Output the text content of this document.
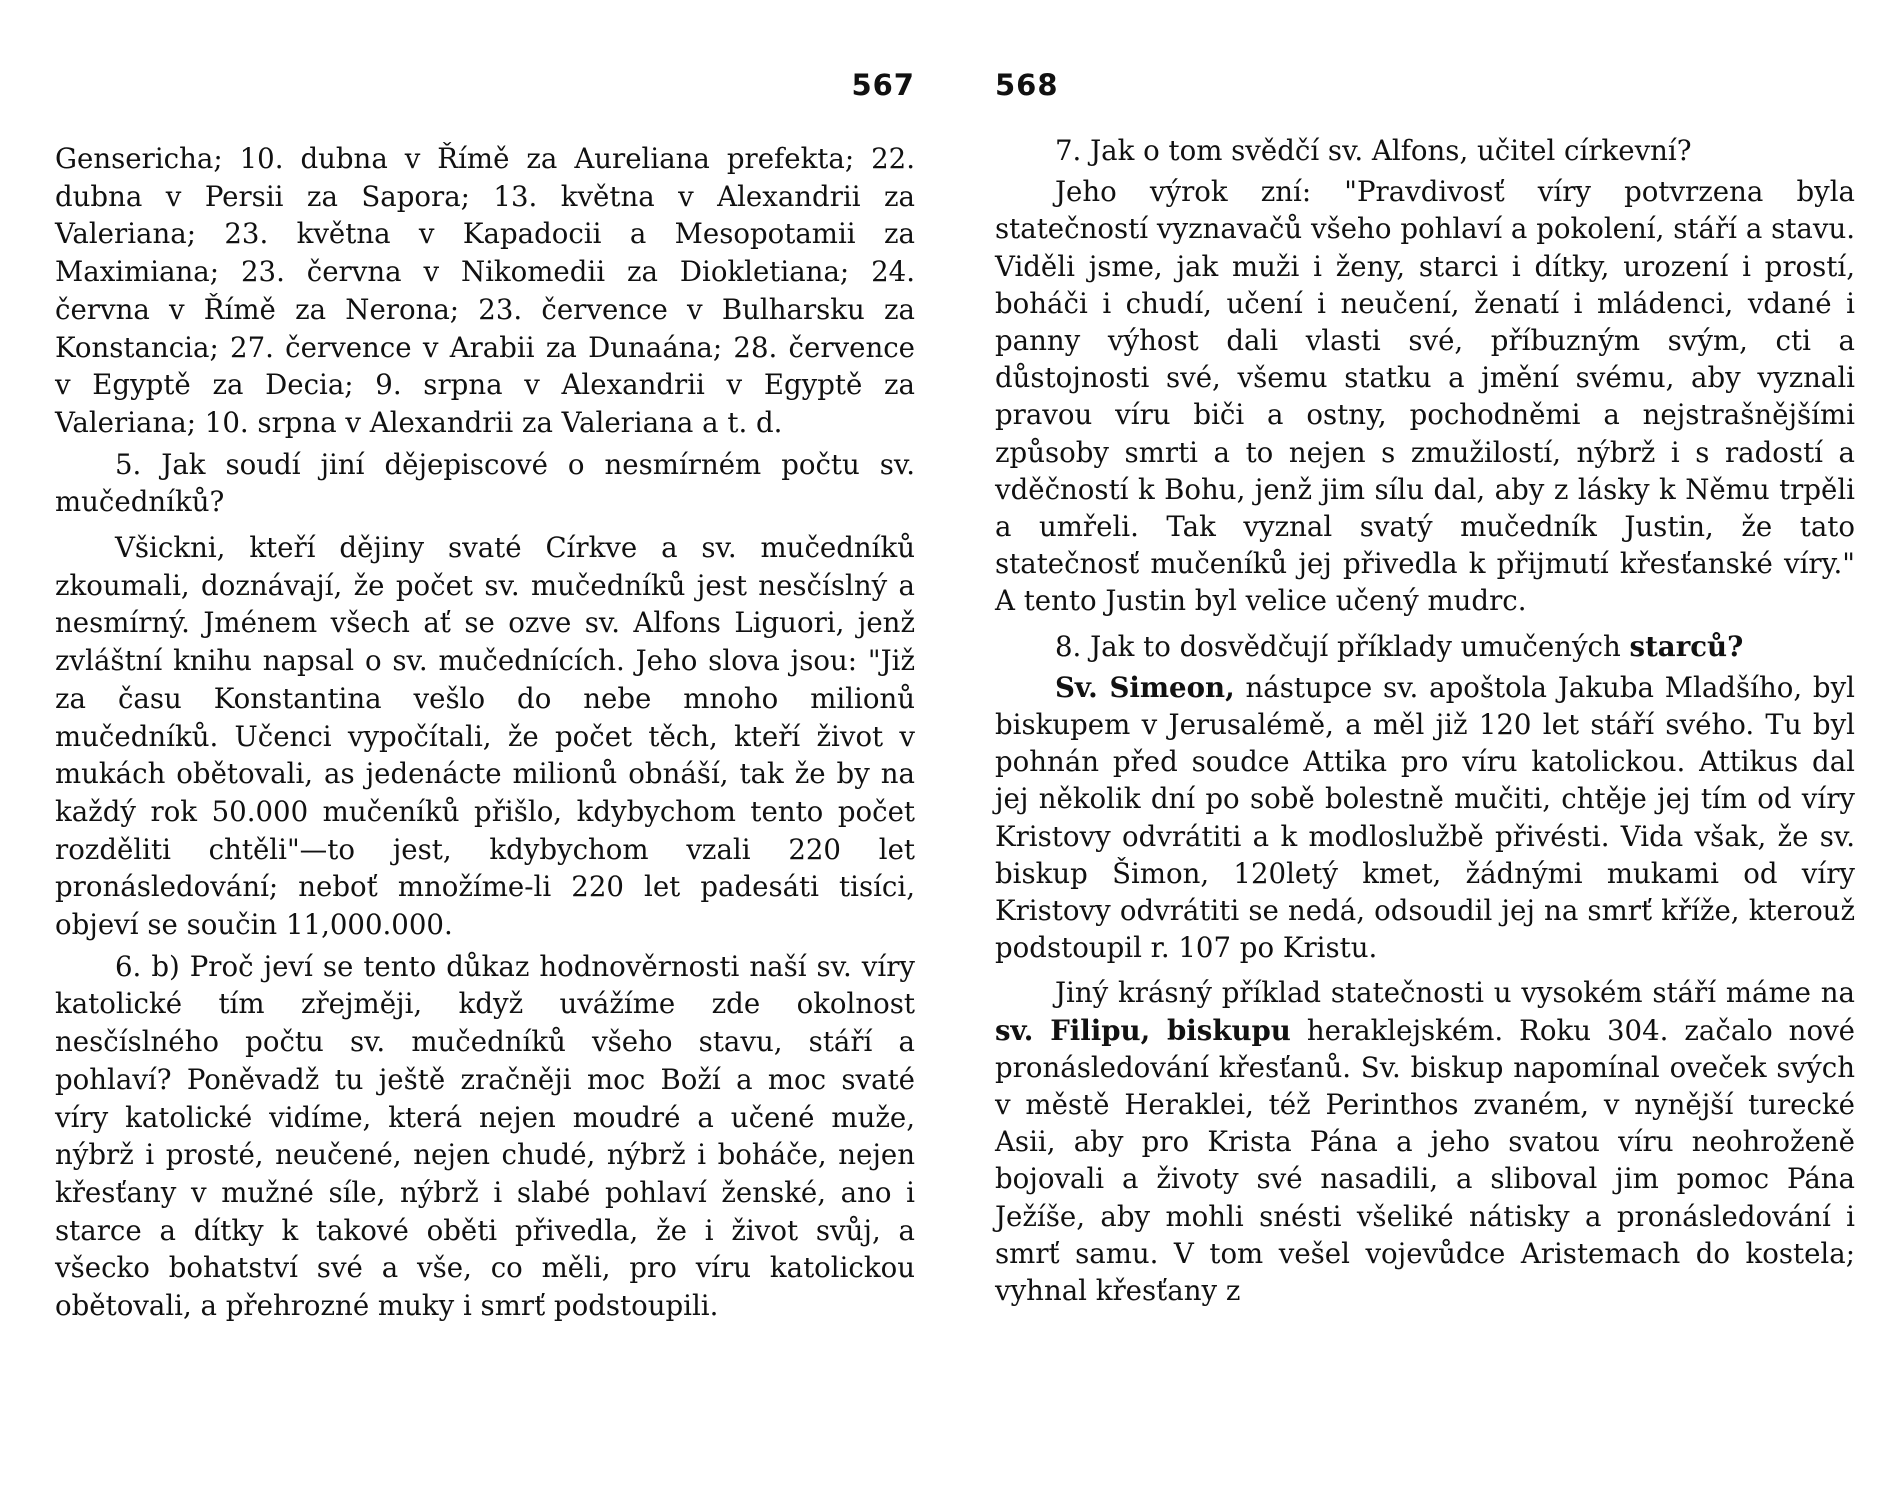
567

Genserichа; 10. dubna v Římě za Aureliana prefekta; 22. dubna v Persii za Sapora; 13. května v Alexandrii za Valeriana; 23. května v Kapadocii a Mesopotamii za Maximiana; 23. června v Nikomedii za Diokletiana; 24. června v Římě za Nerona; 23. července v Bulharsku za Konstancia; 27. července v Arabii za Dunaána; 28. července v Egyptě za Decia; 9. srpna v Alexandrii v Egyptě za Valeriana; 10. srpna v Alexandrii za Valeriana a t. d.

5. Jak soudí jiní dějepiscové o nesmírném počtu sv. mučedníků?

Všickni, kteří dějiny svaté Církve a sv. mučedníků zkoumali, doznávají, že počet sv. mučedníků jest nesčíslný a nesmírný. Jménem všech ať se ozve sv. Alfons Liguori, jenž zvláštní knihu napsal o sv. mučednících. Jeho slova jsou: "Již za času Konstantina vešlo do nebe mnoho milionů mučedníků. Učenci vypočítali, že počet těch, kteří život v mukách obětovali, as jedenácte milionů obnáší, tak že by na každý rok 50.000 mučeníků přišlo, kdybychom tento počet rozděliti chtěli"—to jest, kdybychom vzali 220 let pronásledování; neboť množíme-li 220 let padesáti tisíci, objeví se součin 11,000.000.

6. b) Proč jeví se tento důkaz hodnověrnosti naší sv. víry katolické tím zřejměji, když uvážíme zde okolnost nesčíslného počtu sv. mučedníků všeho stavu, stáří a pohlaví? Poněvadž tu ještě zračněji moc Boží a moc svaté víry katolické vidíme, která nejen moudré a učené muže, nýbrž i prosté, neučené, nejen chudé, nýbrž i boháče, nejen křesťany v mužné síle, nýbrž i slabé pohlaví ženské, ano i starce a dítky k takové oběti přivedla, že i život svůj, a všecko bohatství své a vše, co měli, pro víru katolickou obětovali, a přehrozné muky i smrť podstoupili.

568

7. Jak o tom svědčí sv. Alfons, učitel církevní?

Jeho výrok zní: "Pravdivosť víry potvrzena byla statečností vyznavačů všeho pohlaví a pokolení, stáří a stavu. Viděli jsme, jak muži i ženy, starci i dítky, urození i prostí, boháči i chudí, učení i neučení, ženatí i mládenci, vdané i panny výhost dali vlasti své, příbuzným svým, cti a důstojnosti své, všemu statku a jmění svému, aby vyznali pravou víru biči a ostny, pochodněmi a nejstrašnějšími způsoby smrti a to nejen s zmužilostí, nýbrž i s radostí a vděčností k Bohu, jenž jim sílu dal, aby z lásky k Němu trpěli a umřeli. Tak vyznal svatý mučedník Justin, že tato statečnosť mučeníků jej přivedla k přijmutí křesťanské víry." A tento Justin byl velice učený mudrc.

8. Jak to dosvědčují příklady umučených starců?

Sv. Simeon, nástupce sv. apoštola Jakuba Mladšího, byl biskupem v Jerusalémě, a měl již 120 let stáří svého. Tu byl pohnán před soudce Attika pro víru katolickou. Attikus dal jej několik dní po sobě bolestně mučiti, chtěje jej tím od víry Kristovy odvrátiti a k modloslužbě přivésti. Vida však, že sv. biskup Šimon, 120letý kmet, žádnými mukami od víry Kristovy odvrátiti se nedá, odsoudil jej na smrť kříže, kterouž podstoupil r. 107 po Kristu.

Jiný krásný příklad statečnosti u vysokém stáří máme na sv. Filipu, biskupu heraklejském. Roku 304. začalo nové pronásledování křesťanů. Sv. biskup napomínal oveček svých v městě Heraklei, též Perinthos zvaném, v nynější turecké Asii, aby pro Krista Pána a jeho svatou víru neohroženě bojovali a životy své nasadili, a sliboval jim pomoc Pána Ježíše, aby mohli snésti všeliké nátisky a pronásledování i smrť samu. V tom vešel vojevůdce Aristemach do kostela; vyhnal křesťany z
